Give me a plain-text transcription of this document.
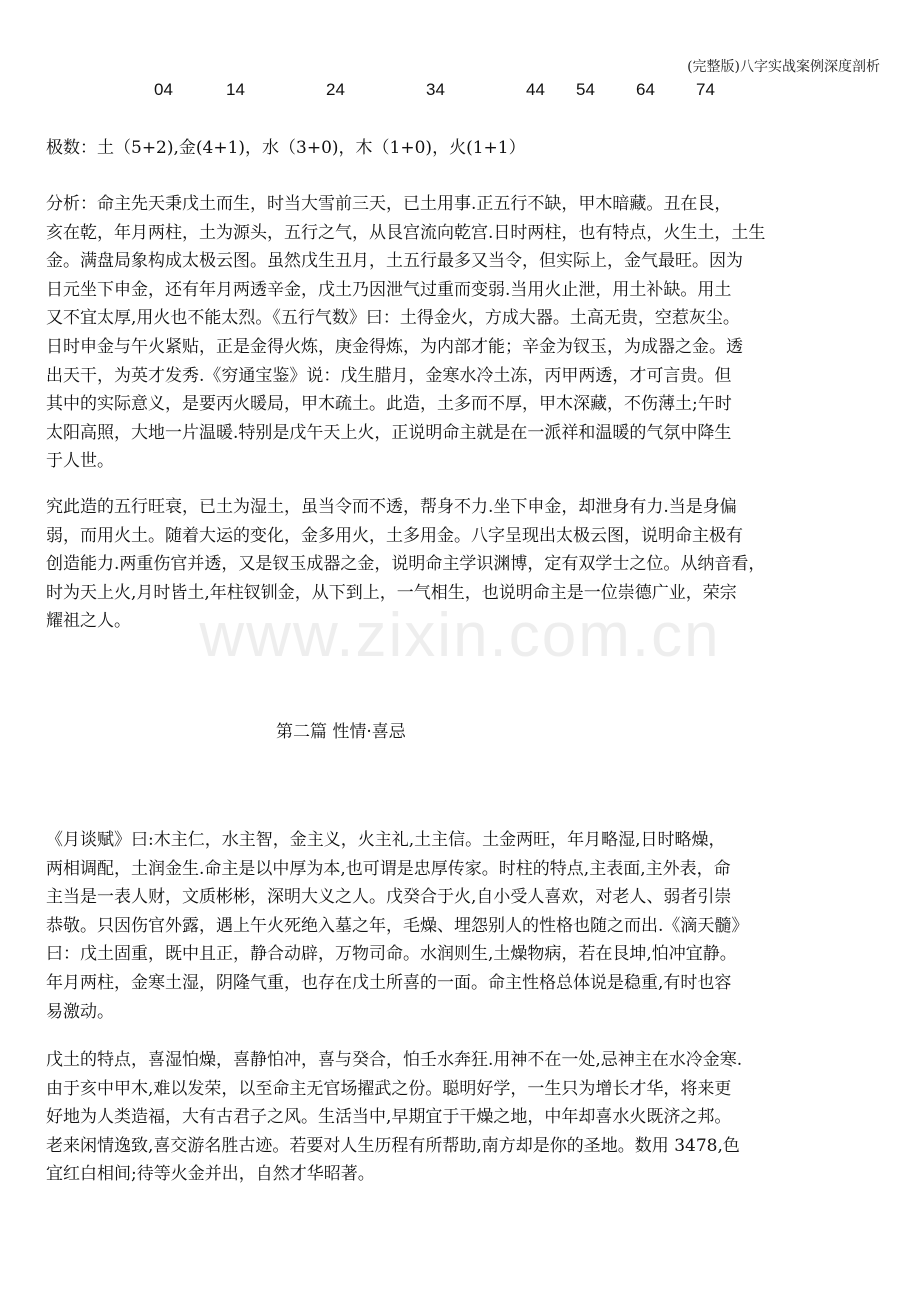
(完整版)八字实战案例深度剖析
04	14	24	34	44 54 64 74

极数：土（5+2),金(4+1)，水（3+0)，木（1+0)，火(1+1）

分析：命主先天秉戊土而生，时当大雪前三天，已土用事.正五行不缺，甲木暗藏。丑在艮，
亥在乾，年月两柱，土为源头，五行之气，从艮宫流向乾宫.日时两柱，也有特点，火生土，土生
金。满盘局象构成太极云图。虽然戊生丑月，土五行最多又当令，但实际上，金气最旺。因为
日元坐下申金，还有年月两透辛金，戊土乃因泄气过重而变弱.当用火止泄，用土补缺。用土
又不宜太厚,用火也不能太烈。《五行气数》曰：土得金火，方成大器。土高无贵，空惹灰尘。
日时申金与午火紧贴，正是金得火炼，庚金得炼，为内部才能；辛金为钗玉，为成器之金。透
出天干，为英才发秀.《穷通宝鉴》说：戊生腊月，金寒水冷土冻，丙甲两透，才可言贵。但
其中的实际意义，是要丙火暖局，甲木疏土。此造，土多而不厚，甲木深藏，不伤薄土;午时
太阳高照，大地一片温暖.特别是戊午天上火，正说明命主就是在一派祥和温暖的气氛中降生
于人世。

究此造的五行旺衰，已土为湿土，虽当令而不透，帮身不力.坐下申金，却泄身有力.当是身偏
弱，而用火土。随着大运的变化，金多用火，土多用金。八字呈现出太极云图，说明命主极有
创造能力.两重伤官并透，又是钗玉成器之金，说明命主学识渊博，定有双学士之位。从纳音看，
时为天上火,月时皆土,年柱钗钏金，从下到上，一气相生，也说明命主是一位崇德广业，荣宗
耀祖之人。	www.zixin.com.cn
第二篇 性情·喜忌

《月谈赋》曰:木主仁，水主智，金主义，火主礼,土主信。土金两旺，年月略湿,日时略燥，
两相调配，土润金生.命主是以中厚为本,也可谓是忠厚传家。时柱的特点,主表面,主外表，命
主当是一表人财，文质彬彬，深明大义之人。戊癸合于火,自小受人喜欢，对老人、弱者引崇
恭敬。只因伤官外露，遇上午火死绝入墓之年，毛燥、埋怨别人的性格也随之而出.《滴天髓》
曰：戊土固重，既中且正，静合动辟，万物司命。水润则生,土燥物病，若在艮坤,怕冲宜静。
年月两柱，金寒土湿，阴隆气重，也存在戊土所喜的一面。命主性格总体说是稳重,有时也容
易激动。

戊土的特点，喜湿怕燥，喜静怕冲，喜与癸合，怕壬水奔狂.用神不在一处,忌神主在水冷金寒.
由于亥中甲木,难以发荣，以至命主无官场擢武之份。聪明好学，一生只为增长才华，将来更
好地为人类造福，大有古君子之风。生活当中,早期宜于干燥之地，中年却喜水火既济之邦。
老来闲情逸致,喜交游名胜古迹。若要对人生历程有所帮助,南方却是你的圣地。数用 3478,色
宜红白相间;待等火金并出，自然才华昭著。
